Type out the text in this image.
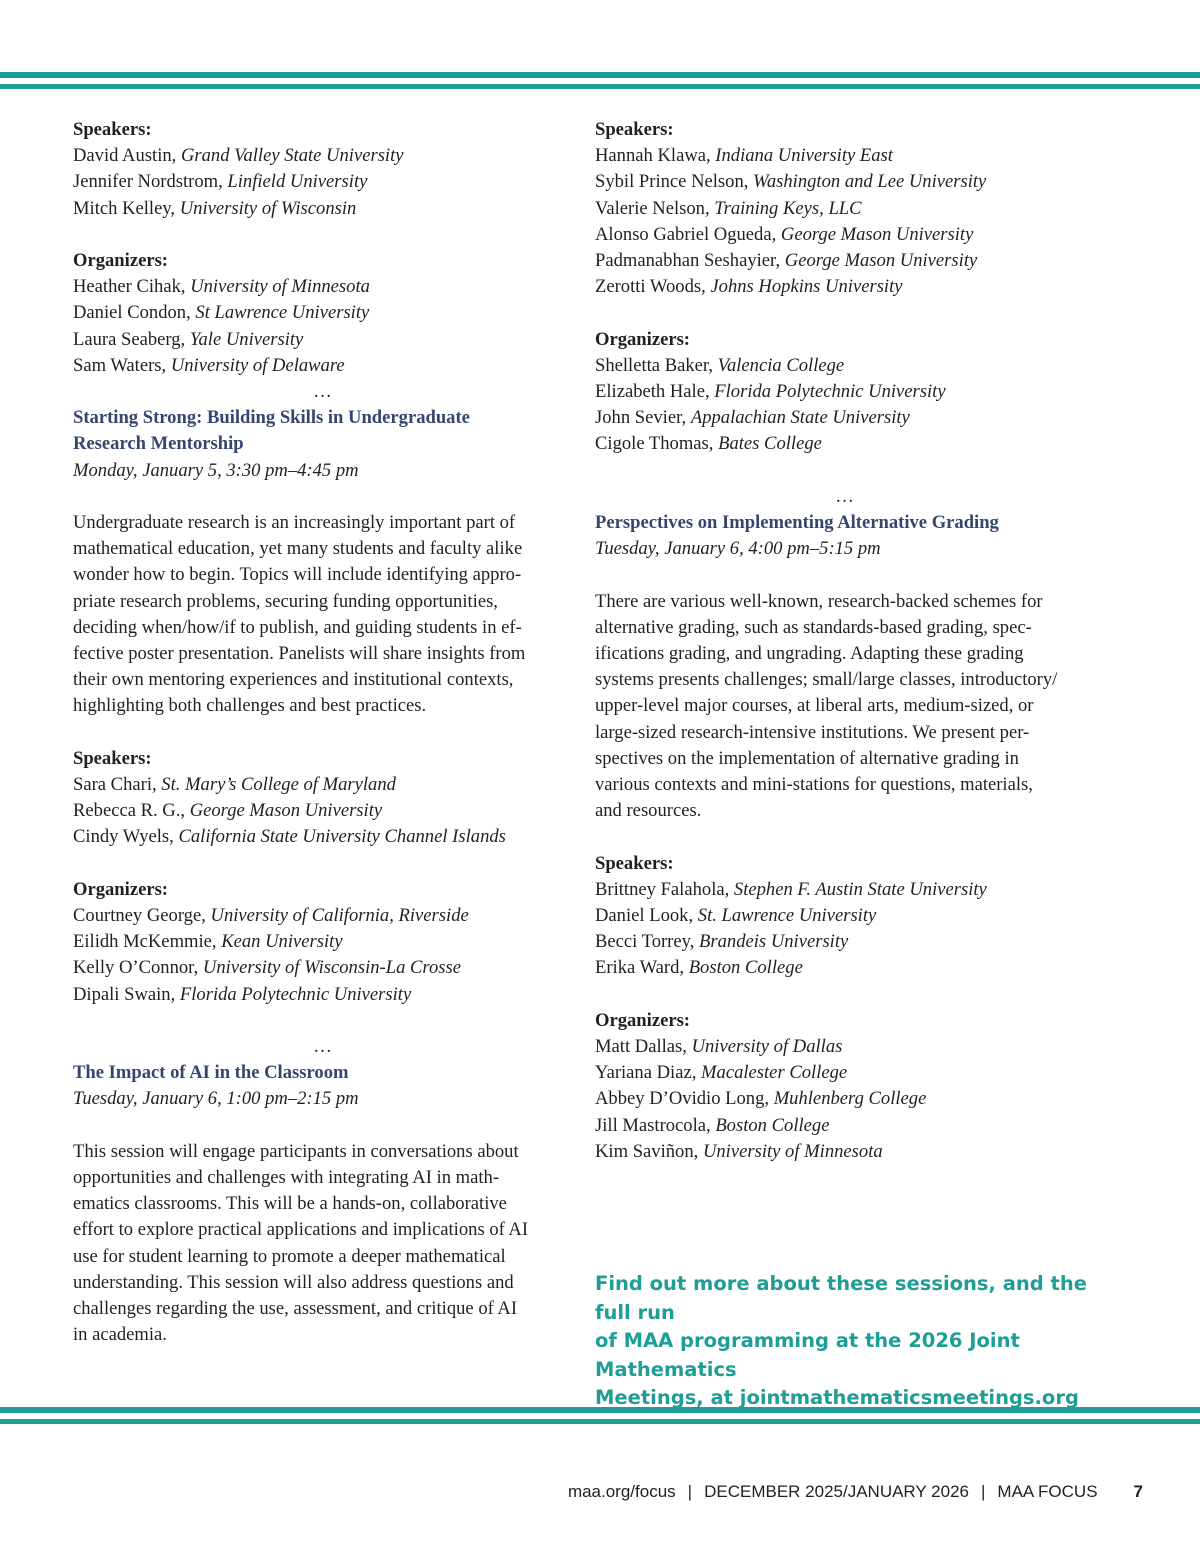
Speakers:
David Austin, Grand Valley State University
Jennifer Nordstrom, Linfield University
Mitch Kelley, University of Wisconsin
Organizers:
Heather Cihak, University of Minnesota
Daniel Condon, St Lawrence University
Laura Seaberg, Yale University
Sam Waters, University of Delaware
…
Starting Strong: Building Skills in Undergraduate
Research Mentorship
Monday, January 5, 3:30 pm–4:45 pm
Undergraduate research is an increasingly important part of
mathematical education, yet many students and faculty alike
wonder how to begin. Topics will include identifying appro-
priate research problems, securing funding opportunities,
deciding when/how/if to publish, and guiding students in ef-
fective poster presentation. Panelists will share insights from
their own mentoring experiences and institutional contexts,
highlighting both challenges and best practices.
Speakers:
Sara Chari, St. Mary’s College of Maryland
Rebecca R. G., George Mason University
Cindy Wyels, California State University Channel Islands
Organizers:
Courtney George, University of California, Riverside
Eilidh McKemmie, Kean University
Kelly O’Connor, University of Wisconsin-La Crosse
Dipali Swain, Florida Polytechnic University
…
The Impact of AI in the Classroom
Tuesday, January 6, 1:00 pm–2:15 pm
This session will engage participants in conversations about
opportunities and challenges with integrating AI in math-
ematics classrooms. This will be a hands-on, collaborative
effort to explore practical applications and implications of AI
use for student learning to promote a deeper mathematical
understanding. This session will also address questions and
challenges regarding the use, assessment, and critique of AI
in academia.
Speakers:
Hannah Klawa, Indiana University East
Sybil Prince Nelson, Washington and Lee University
Valerie Nelson, Training Keys, LLC
Alonso Gabriel Ogueda, George Mason University
Padmanabhan Seshayier, George Mason University
Zerotti Woods, Johns Hopkins University
Organizers:
Shelletta Baker, Valencia College
Elizabeth Hale, Florida Polytechnic University
John Sevier, Appalachian State University
Cigole Thomas, Bates College
…
Perspectives on Implementing Alternative Grading
Tuesday, January 6, 4:00 pm–5:15 pm
There are various well-known, research-backed schemes for
alternative grading, such as standards-based grading, spec-
ifications grading, and ungrading. Adapting these grading
systems presents challenges; small/large classes, introductory/
upper-level major courses, at liberal arts, medium-sized, or
large-sized research-intensive institutions. We present per-
spectives on the implementation of alternative grading in
various contexts and mini-stations for questions, materials,
and resources.
Speakers:
Brittney Falahola, Stephen F. Austin State University
Daniel Look, St. Lawrence University
Becci Torrey, Brandeis University
Erika Ward, Boston College
Organizers:
Matt Dallas, University of Dallas
Yariana Diaz, Macalester College
Abbey D’Ovidio Long, Muhlenberg College
Jill Mastrocola, Boston College
Kim Saviñon, University of Minnesota
Find out more about these sessions, and the full run
of MAA programming at the 2026 Joint Mathematics
Meetings, at jointmathematicsmeetings.org
maa.org/focus | DECEMBER 2025/JANUARY 2026 | MAA FOCUS 7
